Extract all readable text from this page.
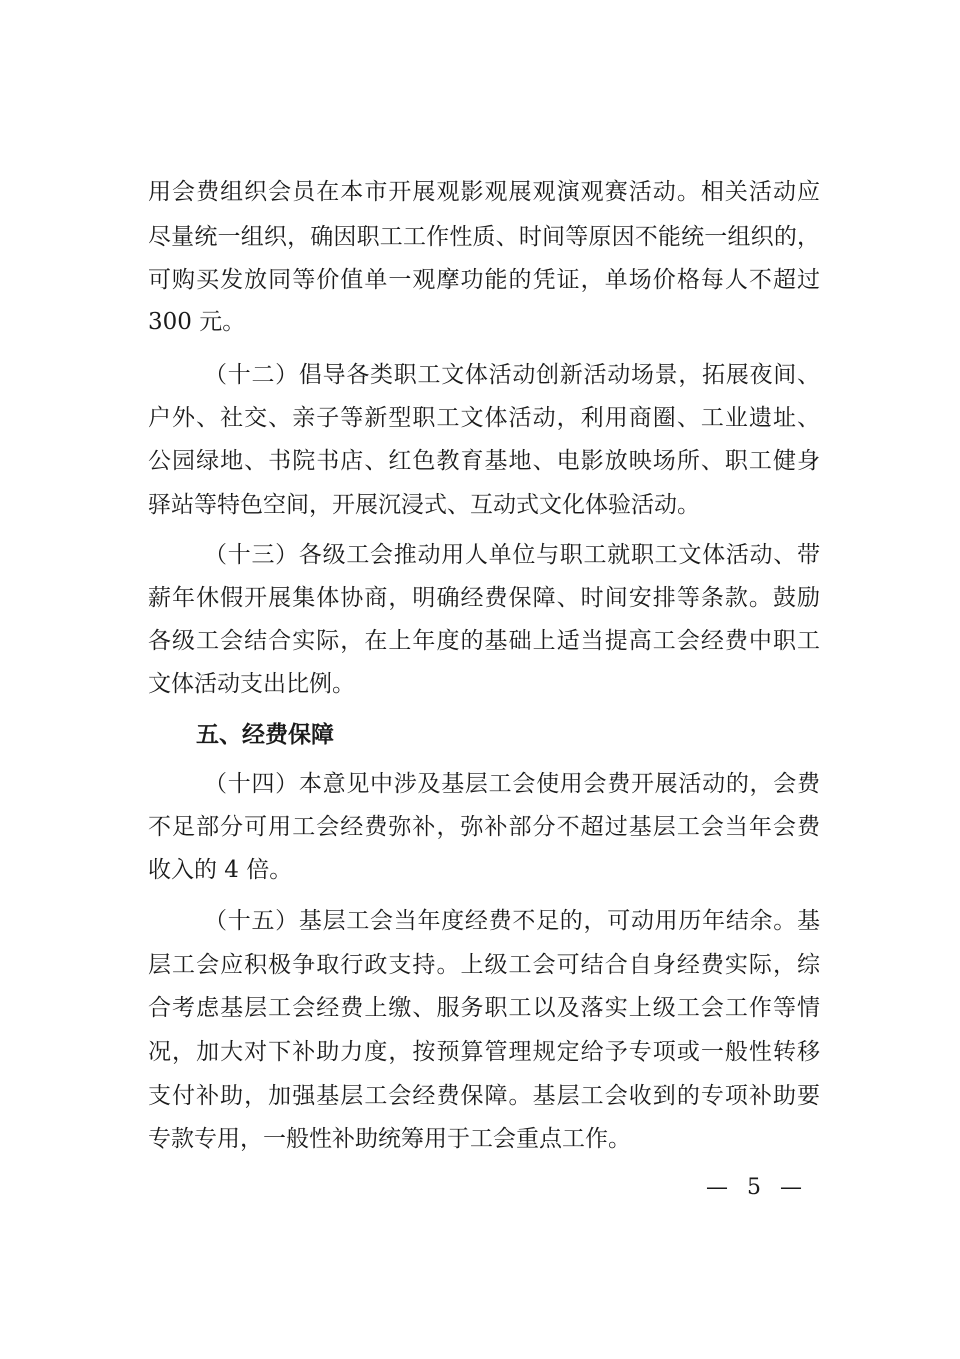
用会费组织会员在本市开展观影观展观演观赛活动。相关活动应
尽量统一组织，确因职工工作性质、时间等原因不能统一组织的，
可购买发放同等价值单一观摩功能的凭证，单场价格每人不超过
300 元。
（十二）倡导各类职工文体活动创新活动场景，拓展夜间、
户外、社交、亲子等新型职工文体活动，利用商圈、工业遗址、
公园绿地、书院书店、红色教育基地、电影放映场所、职工健身
驿站等特色空间，开展沉浸式、互动式文化体验活动。
（十三）各级工会推动用人单位与职工就职工文体活动、带
薪年休假开展集体协商，明确经费保障、时间安排等条款。鼓励
各级工会结合实际，在上年度的基础上适当提高工会经费中职工
文体活动支出比例。
五、经费保障
（十四）本意见中涉及基层工会使用会费开展活动的，会费
不足部分可用工会经费弥补，弥补部分不超过基层工会当年会费
收入的 4 倍。
（十五）基层工会当年度经费不足的，可动用历年结余。基
层工会应积极争取行政支持。上级工会可结合自身经费实际，综
合考虑基层工会经费上缴、服务职工以及落实上级工会工作等情
况，加大对下补助力度，按预算管理规定给予专项或一般性转移
支付补助，加强基层工会经费保障。基层工会收到的专项补助要
专款专用，一般性补助统筹用于工会重点工作。
— 5 —
